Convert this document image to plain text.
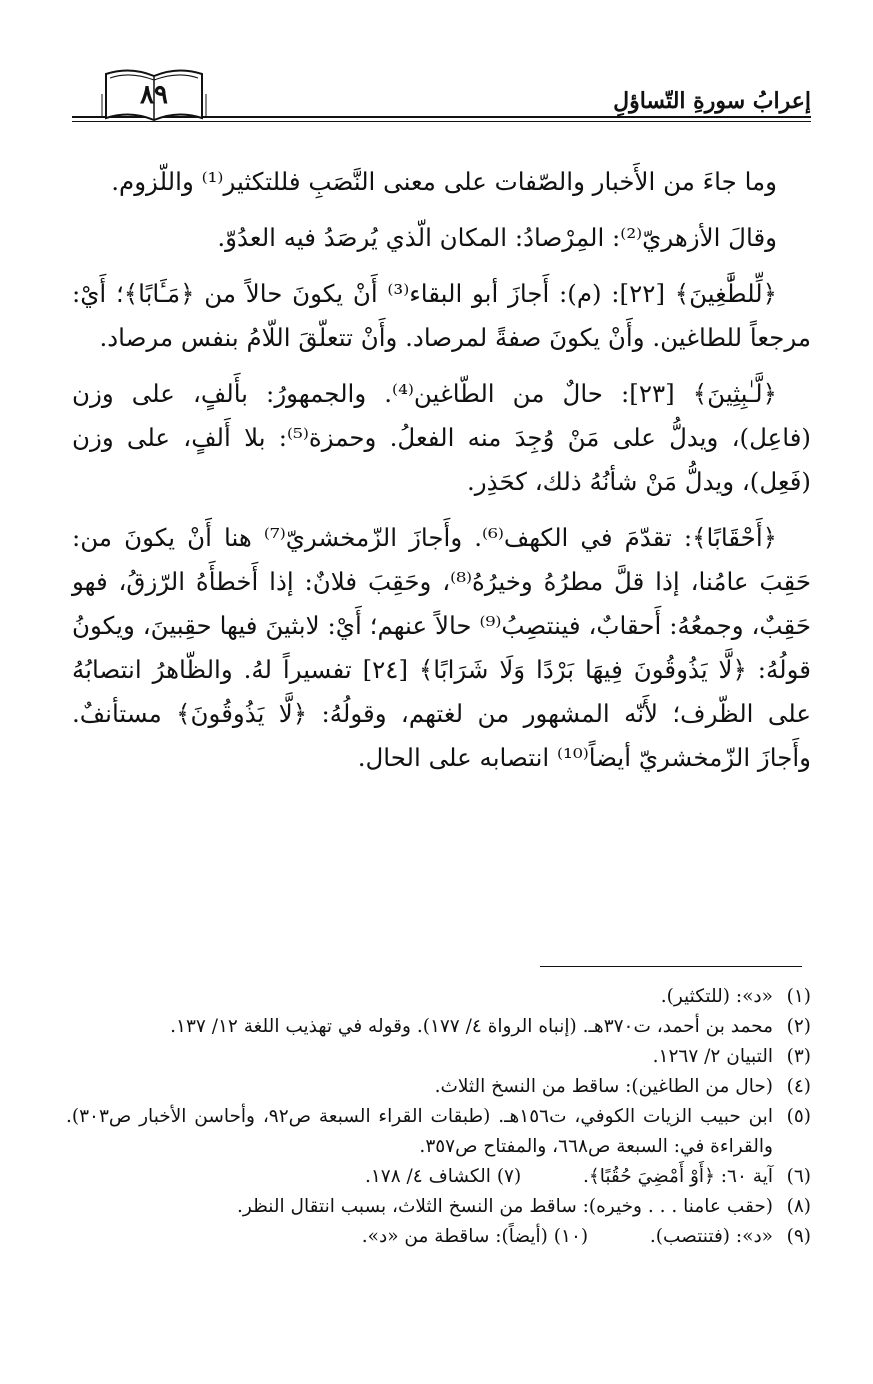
إعرابُ سورةِ التّساؤلِ
٨٩

وما جاءَ من الأَخبار والصّفات على معنى النَّصَبِ فللتكثير⁽¹⁾ واللّزوم.

وقالَ الأزهريّ⁽²⁾: المِرْصادُ: المكان الّذي يُرصَدُ فيه العدُوّ.

﴿لِّلطَّٰغِينَ﴾ [٢٢]: (م): أَجازَ أبو البقاء⁽³⁾ أَنْ يكونَ حالاً من ﴿مَـَٔابًا﴾؛ أَيْ: مرجعاً للطاغين. وأَنْ يكونَ صفةً لمرصاد. وأَنْ تتعلّقَ اللّامُ بنفس مرصاد.

﴿لَّـٰبِثِينَ﴾ [٢٣]: حالٌ من الطّاغين⁽⁴⁾. والجمهورُ: بأَلفٍ، على وزن (فاعِل)، ويدلُّ على مَنْ وُجِدَ منه الفعلُ. وحمزة⁽⁵⁾: بلا أَلفٍ، على وزن (فَعِل)، ويدلُّ مَنْ شأنُهُ ذلك، كحَذِر.

﴿أَحْقَابًا﴾: تقدّمَ في الكهف⁽⁶⁾. وأَجازَ الزّمخشريّ⁽⁷⁾ هنا أَنْ يكونَ من: حَقِبَ عامُنا، إذا قلَّ مطرُهُ وخيرُهُ⁽⁸⁾، وحَقِبَ فلانٌ: إذا أَخطأَهُ الرّزقُ، فهو حَقِبٌ، وجمعُهُ: أَحقابٌ، فينتصِبُ⁽⁹⁾ حالاً عنهم؛ أَيْ: لابثينَ فيها حقِبينَ، ويكونُ قولُهُ: ﴿لَّا يَذُوقُونَ فِيهَا بَرْدًا وَلَا شَرَابًا﴾ [٢٤] تفسيراً لهُ. والظّاهرُ انتصابُهُ على الظّرف؛ لأَنّه المشهور من لغتهم، وقولُهُ: ﴿لَّا يَذُوقُونَ﴾ مستأنفٌ. وأَجازَ الزّمخشريّ أيضاً⁽¹⁰⁾ انتصابه على الحال.

(١)
«د»: (للتكثير).
(٢)
محمد بن أحمد، ت٣٧٠هـ. (إنباه الرواة ٤/ ١٧٧). وقوله في تهذيب اللغة ١٢/ ١٣٧.
(٣)
التبيان ٢/ ١٢٦٧.
(٤)
(حال من الطاغين): ساقط من النسخ الثلاث.
(٥)
ابن حبيب الزيات الكوفي، ت١٥٦هـ. (طبقات القراء السبعة ص٩٢، وأحاسن الأخبار ص٣٠٣). والقراءة في: السبعة ص٦٦٨، والمفتاح ص٣٥٧.
(٦)
آية ٦٠: ﴿أَوْ أَمْضِيَ حُقُبًا﴾.  (٧) الكشاف ٤/ ١٧٨.
(٨)
(حقب عامنا . . . وخيره): ساقط من النسخ الثلاث، بسبب انتقال النظر.
(٩)
«د»: (فتنتصب).  (١٠) (أيضاً): ساقطة من «د».
